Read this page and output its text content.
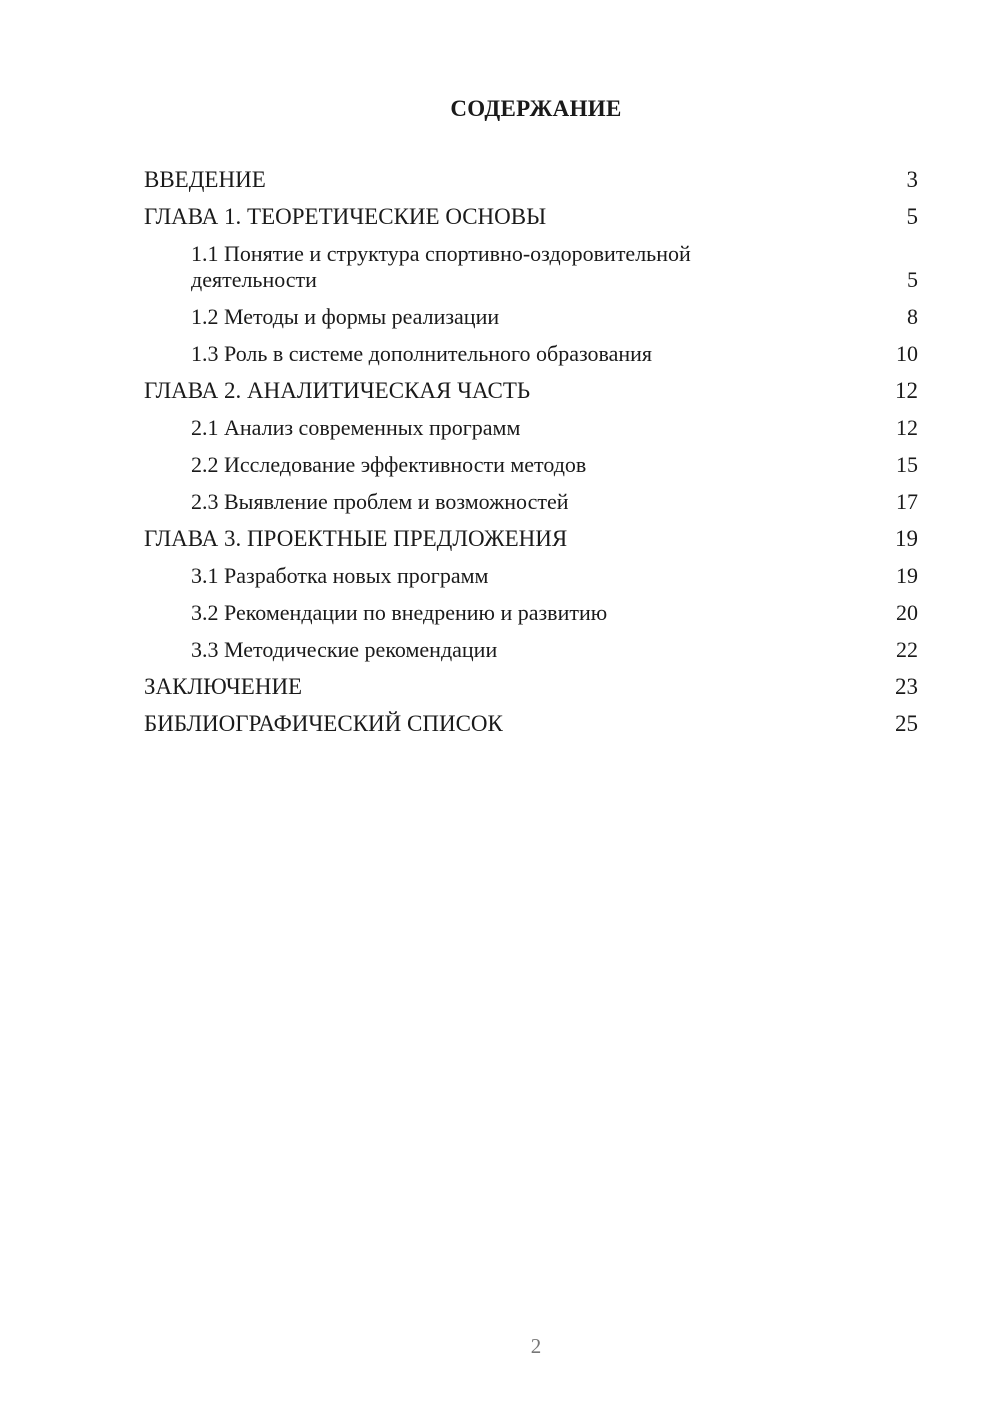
СОДЕРЖАНИЕ
ВВЕДЕНИЕ	3
ГЛАВА 1. ТЕОРЕТИЧЕСКИЕ ОСНОВЫ	5
1.1 Понятие и структура спортивно-оздоровительной деятельности	5
1.2 Методы и формы реализации	8
1.3 Роль в системе дополнительного образования	10
ГЛАВА 2. АНАЛИТИЧЕСКАЯ ЧАСТЬ	12
2.1 Анализ современных программ	12
2.2 Исследование эффективности методов	15
2.3 Выявление проблем и возможностей	17
ГЛАВА 3. ПРОЕКТНЫЕ ПРЕДЛОЖЕНИЯ	19
3.1 Разработка новых программ	19
3.2 Рекомендации по внедрению и развитию	20
3.3 Методические рекомендации	22
ЗАКЛЮЧЕНИЕ	23
БИБЛИОГРАФИЧЕСКИЙ СПИСОК	25
2
